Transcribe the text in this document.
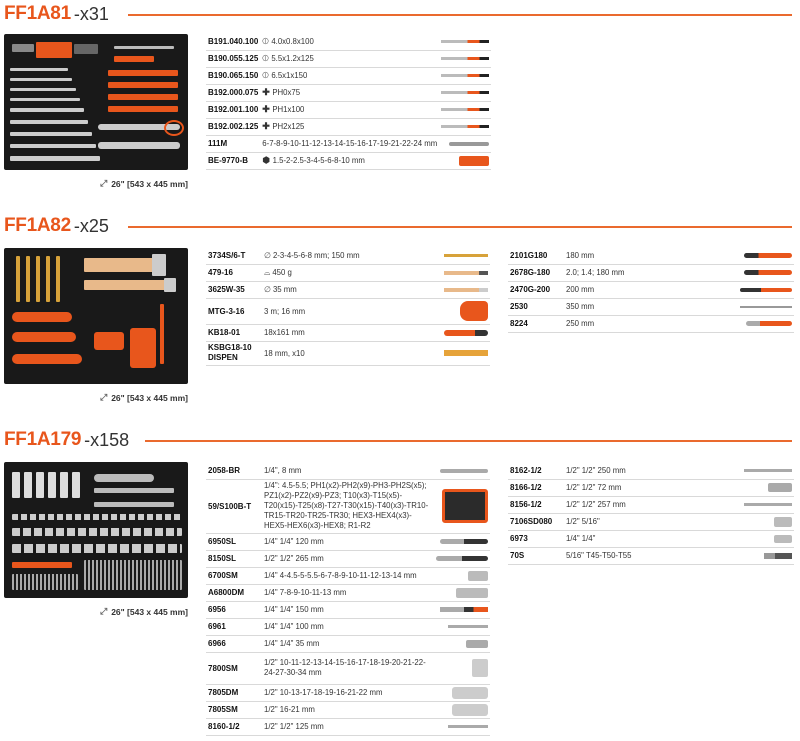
FF1A81 -x31
⤢ 26" [543 x 445 mm]
B191.040.100	⦶ 4.0x0.8x100	
B190.055.125	⦶ 5.5x1.2x125	
B190.065.150	⦶ 6.5x1x150	
B192.000.075	✚ PH0x75	
B192.001.100	✚ PH1x100	
B192.002.125	✚ PH2x125	
111M	6-7-8-9-10-11-12-13-14-15-16-17-19-21-22-24 mm	
BE-9770-B	⬢ 1.5-2-2.5-3-4-5-6-8-10 mm	
FF1A82 -x25
⤢ 26" [543 x 445 mm]
3734S/6-T	∅ 2-3-4-5-6-8 mm; 150 mm	
479-16	⌓ 450 g	
3625W-35	∅ 35 mm	
MTG-3-16	3 m; 16 mm	
KB18-01	18x161 mm	
KSBG18-10 DISPEN	18 mm, x10	
2101G180	180 mm	
2678G-180	2.0; 1.4; 180 mm	
2470G-200	200 mm	
2530	350 mm	
8224	250 mm	
FF1A179 -x158
⤢ 26" [543 x 445 mm]
2058-BR	1/4", 8 mm	
59/S100B-T	1/4": 4.5-5.5; PH1(x2)-PH2(x9)-PH3-PH2S(x5); PZ1(x2)-PZ2(x9)-PZ3; T10(x3)-T15(x5)-T20(x15)-T25(x8)-T27-T30(x15)-T40(x3)-TR10-TR15-TR20-TR25-TR30; HEX3-HEX4(x3)-HEX5-HEX6(x3)-HEX8; R1-R2	
6950SL	1/4" 1/4" 120 mm	
8150SL	1/2" 1/2" 265 mm	
6700SM	1/4" 4-4.5-5-5.5-6-7-8-9-10-11-12-13-14 mm	
A6800DM	1/4" 7-8-9-10-11-13 mm	
6956	1/4" 1/4" 150 mm	
6961	1/4" 1/4" 100 mm	
6966	1/4" 1/4" 35 mm	
7800SM	1/2" 10-11-12-13-14-15-16-17-18-19-20-21-22-24-27-30-34 mm	
7805DM	1/2" 10-13-17-18-19-16-21-22 mm	
7805SM	1/2" 16-21 mm	
8160-1/2	1/2" 1/2" 125 mm	
8162-1/2	1/2" 1/2" 250 mm	
8166-1/2	1/2" 1/2" 72 mm	
8156-1/2	1/2" 1/2" 257 mm	
7106SD080	1/2" 5/16"	
6973	1/4" 1/4"	
70S	5/16" T45-T50-T55	
